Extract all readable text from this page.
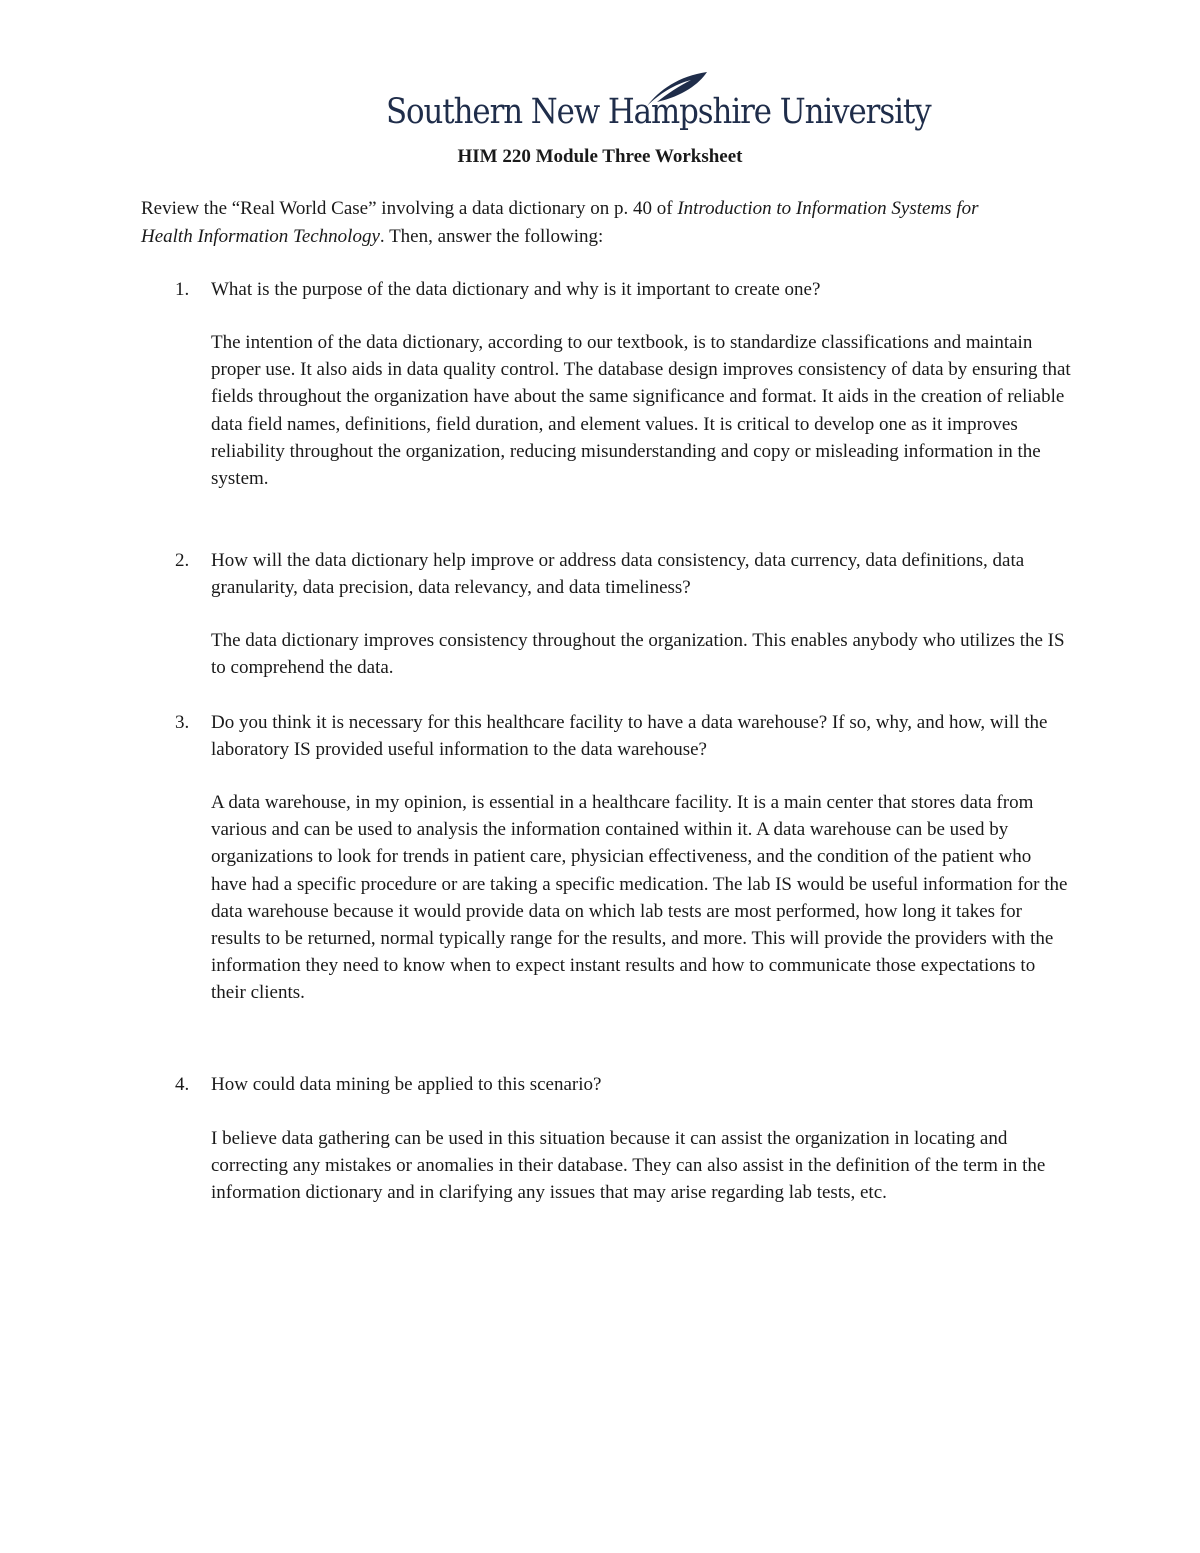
Southern New Hampshire University
HIM 220 Module Three Worksheet
Review the “Real World Case” involving a data dictionary on p. 40 of Introduction to Information Systems for Health Information Technology. Then, answer the following:
1. What is the purpose of the data dictionary and why is it important to create one?
The intention of the data dictionary, according to our textbook, is to standardize classifications and maintain proper use. It also aids in data quality control. The database design improves consistency of data by ensuring that fields throughout the organization have about the same significance and format. It aids in the creation of reliable data field names, definitions, field duration, and element values. It is critical to develop one as it improves reliability throughout the organization, reducing misunderstanding and copy or misleading information in the system.
2. How will the data dictionary help improve or address data consistency, data currency, data definitions, data granularity, data precision, data relevancy, and data timeliness?
The data dictionary improves consistency throughout the organization. This enables anybody who utilizes the IS to comprehend the data.
3. Do you think it is necessary for this healthcare facility to have a data warehouse? If so, why, and how, will the laboratory IS provided useful information to the data warehouse?
A data warehouse, in my opinion, is essential in a healthcare facility. It is a main center that stores data from various and can be used to analysis the information contained within it. A data warehouse can be used by organizations to look for trends in patient care, physician effectiveness, and the condition of the patient who have had a specific procedure or are taking a specific medication. The lab IS would be useful information for the data warehouse because it would provide data on which lab tests are most performed, how long it takes for results to be returned, normal typically range for the results, and more. This will provide the providers with the information they need to know when to expect instant results and how to communicate those expectations to their clients.
4. How could data mining be applied to this scenario?
I believe data gathering can be used in this situation because it can assist the organization in locating and correcting any mistakes or anomalies in their database. They can also assist in the definition of the term in the information dictionary and in clarifying any issues that may arise regarding lab tests, etc.
